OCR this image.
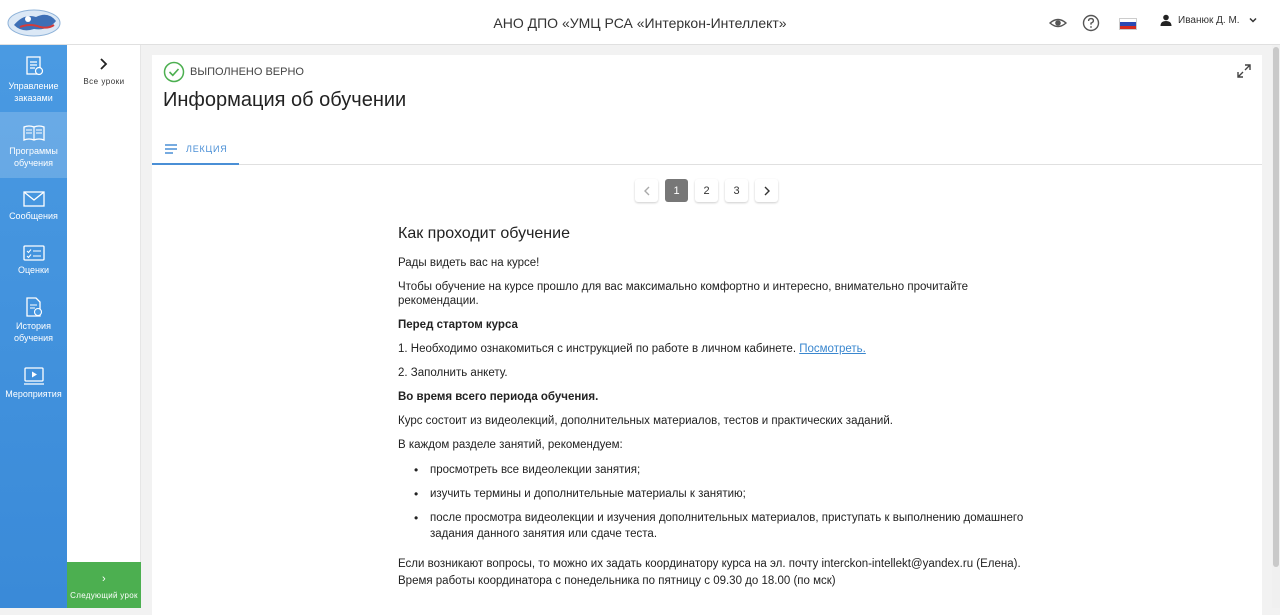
АНО ДПО «УМЦ РСА «Интеркон-Интеллект»	Иванюк Д. М.
Управление заказами
Программы обучения
Сообщения
Оценки
История обучения
Мероприятия
Все уроки
›
Следующий урок
ВЫПОЛНЕНО ВЕРНО
Информация об обучении
ЛЕКЦИЯ
1	2	3
Как проходит обучение

Рады видеть вас на курсе!

Чтобы обучение на курсе прошло для вас максимально комфортно и интересно, внимательно прочитайте рекомендации.

Перед стартом курса

1. Необходимо ознакомиться с инструкцией по работе в личном кабинете. Посмотреть.

2. Заполнить анкету.

Во время всего периода обучения.

Курс состоит из видеолекций, дополнительных материалов, тестов и практических заданий.

В каждом разделе занятий, рекомендуем:

• просмотреть все видеолекции занятия;
• изучить термины и дополнительные материалы к занятию;
• после просмотра видеолекции и изучения дополнительных материалов, приступать к выполнению домашнего задания данного занятия или сдаче теста.

Если возникают вопросы, то можно их задать координатору курса на эл. почту interckon-intellekt@yandex.ru (Елена). Время работы координатора с понедельника по пятницу с 09.30 до 18.00 (по мск)
